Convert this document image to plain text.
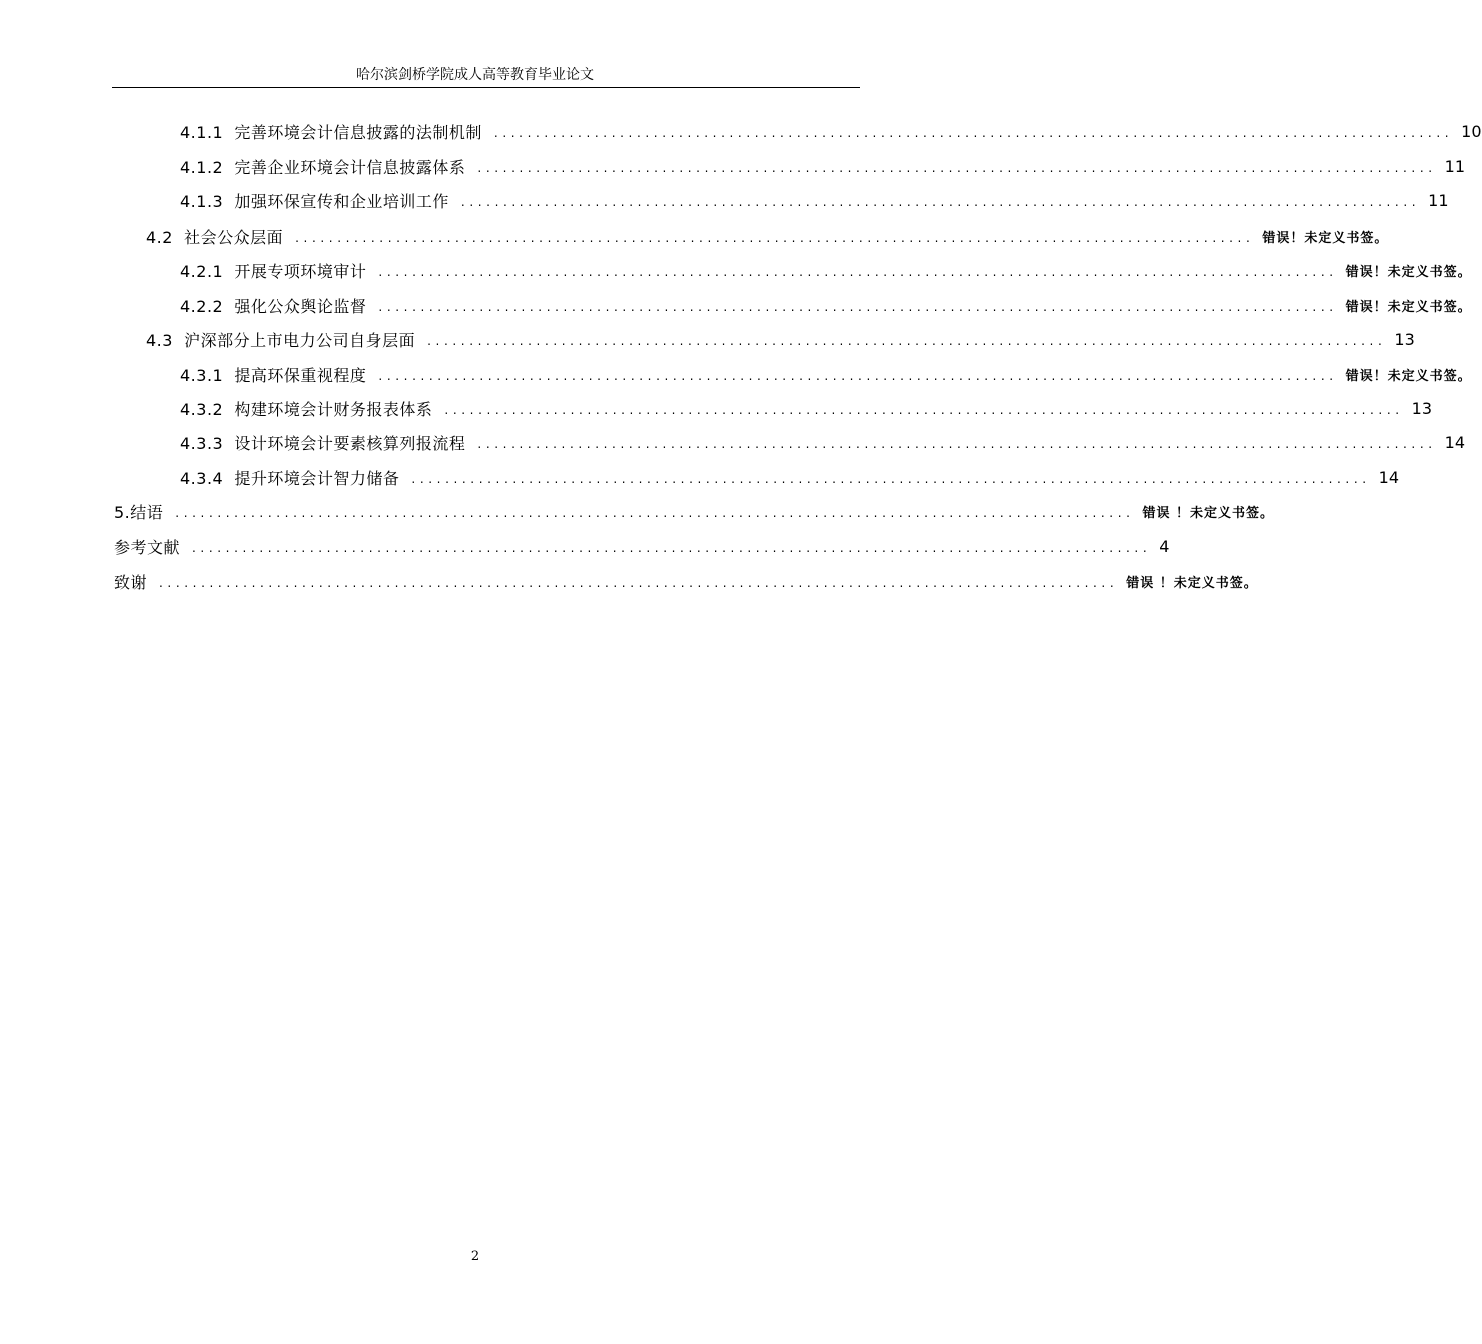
哈尔滨剑桥学院成人高等教育毕业论文
4.1.1 完善环境会计信息披露的法制机制 .................................................................................................................. 10
4.1.2 完善企业环境会计信息披露体系 .................................................................................................................. 11
4.1.3 加强环保宣传和企业培训工作 .................................................................................................................. 11
4.2 社会公众层面 .................................................................................................................. 错误！未定义书签。
4.2.1 开展专项环境审计 .................................................................................................................. 错误！未定义书签。
4.2.2 强化公众舆论监督 .................................................................................................................. 错误！未定义书签。
4.3 沪深部分上市电力公司自身层面 .................................................................................................................. 13
4.3.1 提高环保重视程度 .................................................................................................................. 错误！未定义书签。
4.3.2 构建环境会计财务报表体系 .................................................................................................................. 13
4.3.3 设计环境会计要素核算列报流程 .................................................................................................................. 14
4.3.4 提升环境会计智力储备 .................................................................................................................. 14
5.结语 .................................................................................................................. 错误 ！未定义书签。
参考文献 .................................................................................................................. 4
致谢 .................................................................................................................. 错误 ！未定义书签。
2
